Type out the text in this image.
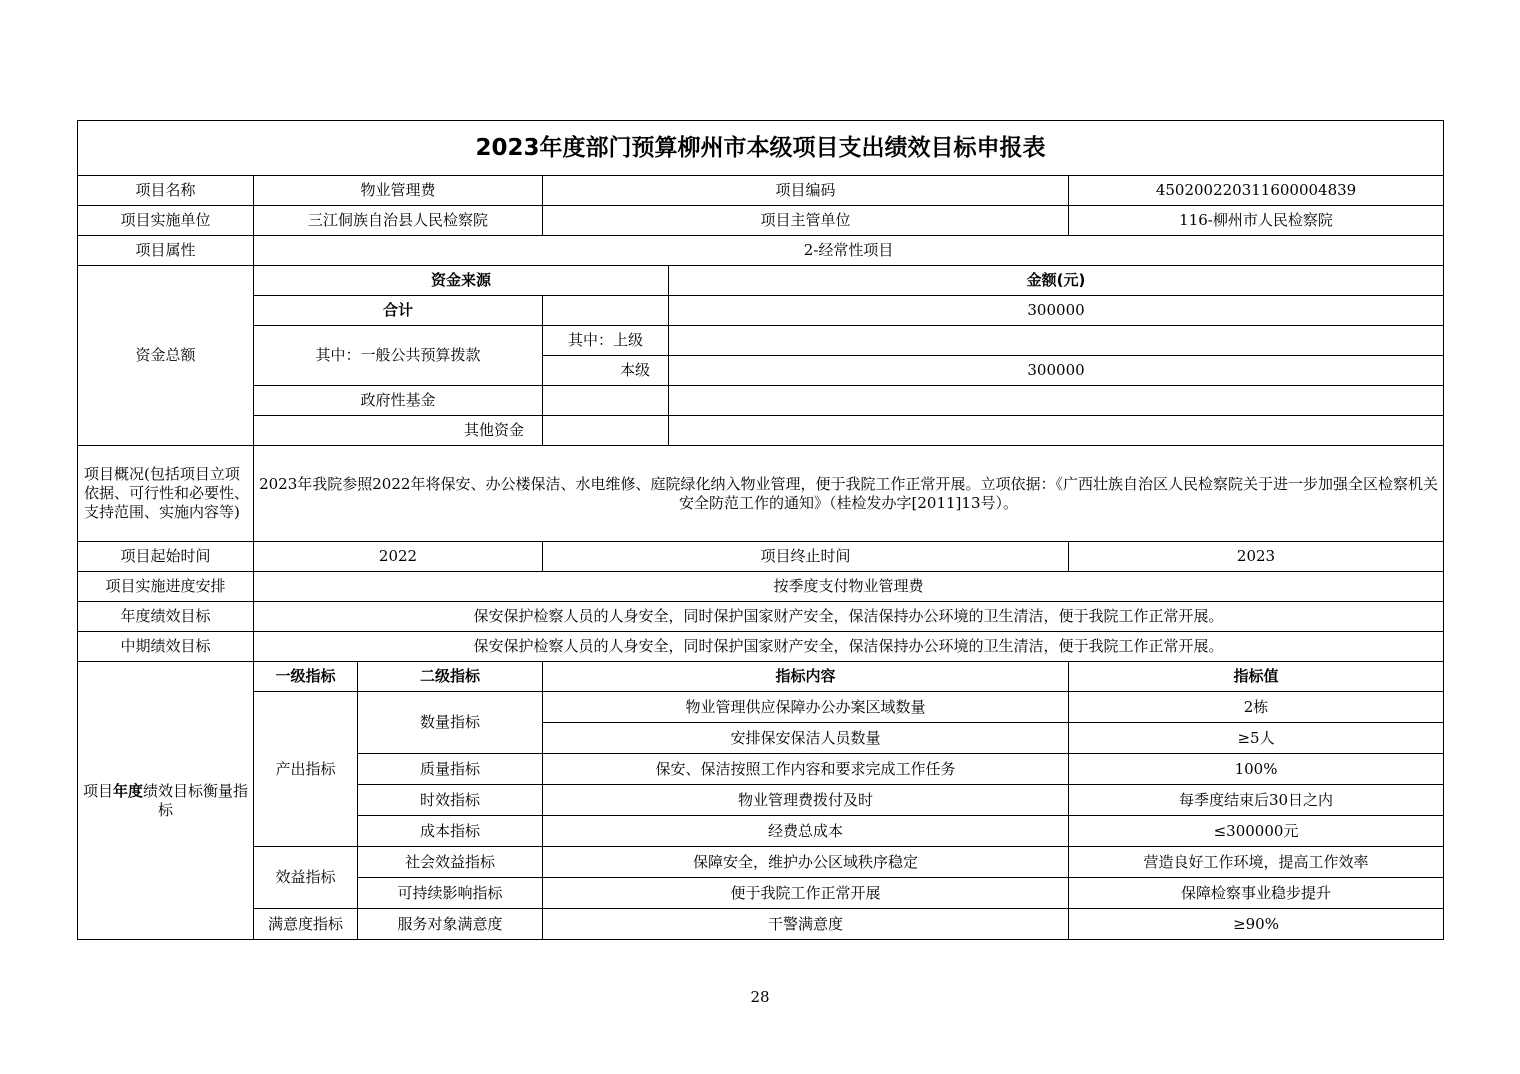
2023年度部门预算柳州市本级项目支出绩效目标申报表					
项目名称	物业管理费		项目编码		450200220311600004839
项目实施单位	三江侗族自治县人民检察院		项目主管单位		116-柳州市人民检察院
项目属性	2-经常性项目				
资金总额	资金来源			金额(元)	
	合计			300000	
	其中：一般公共预算拨款		其中：上级		
			本级	300000	
	政府性基金				
	其他资金				
项目概况(包括项目立项依据、可行性和必要性、支持范围、实施内容等)	2023年我院参照2022年将保安、办公楼保洁、水电维修、庭院绿化纳入物业管理，便于我院工作正常开展。立项依据：《广西壮族自治区人民检察院关于进一步加强全区检察机关安全防范工作的通知》（桂检发办字[2011]13号）。				
项目起始时间	2022		项目终止时间		2023
项目实施进度安排	按季度支付物业管理费				
年度绩效目标	保安保护检察人员的人身安全，同时保护国家财产安全，保洁保持办公环境的卫生清洁，便于我院工作正常开展。				
中期绩效目标	保安保护检察人员的人身安全，同时保护国家财产安全，保洁保持办公环境的卫生清洁，便于我院工作正常开展。				
项目年度绩效目标衡量指标	一级指标	二级指标	指标内容		指标值
	产出指标	数量指标	物业管理供应保障办公办案区域数量		2栋
			安排保安保洁人员数量		≥5人
		质量指标	保安、保洁按照工作内容和要求完成工作任务		100%
		时效指标	物业管理费拨付及时		每季度结束后30日之内
		成本指标	经费总成本		≤300000元
	效益指标	社会效益指标	保障安全，维护办公区域秩序稳定		营造良好工作环境，提高工作效率
		可持续影响指标	便于我院工作正常开展		保障检察事业稳步提升
	满意度指标	服务对象满意度	干警满意度		≥90%
28
